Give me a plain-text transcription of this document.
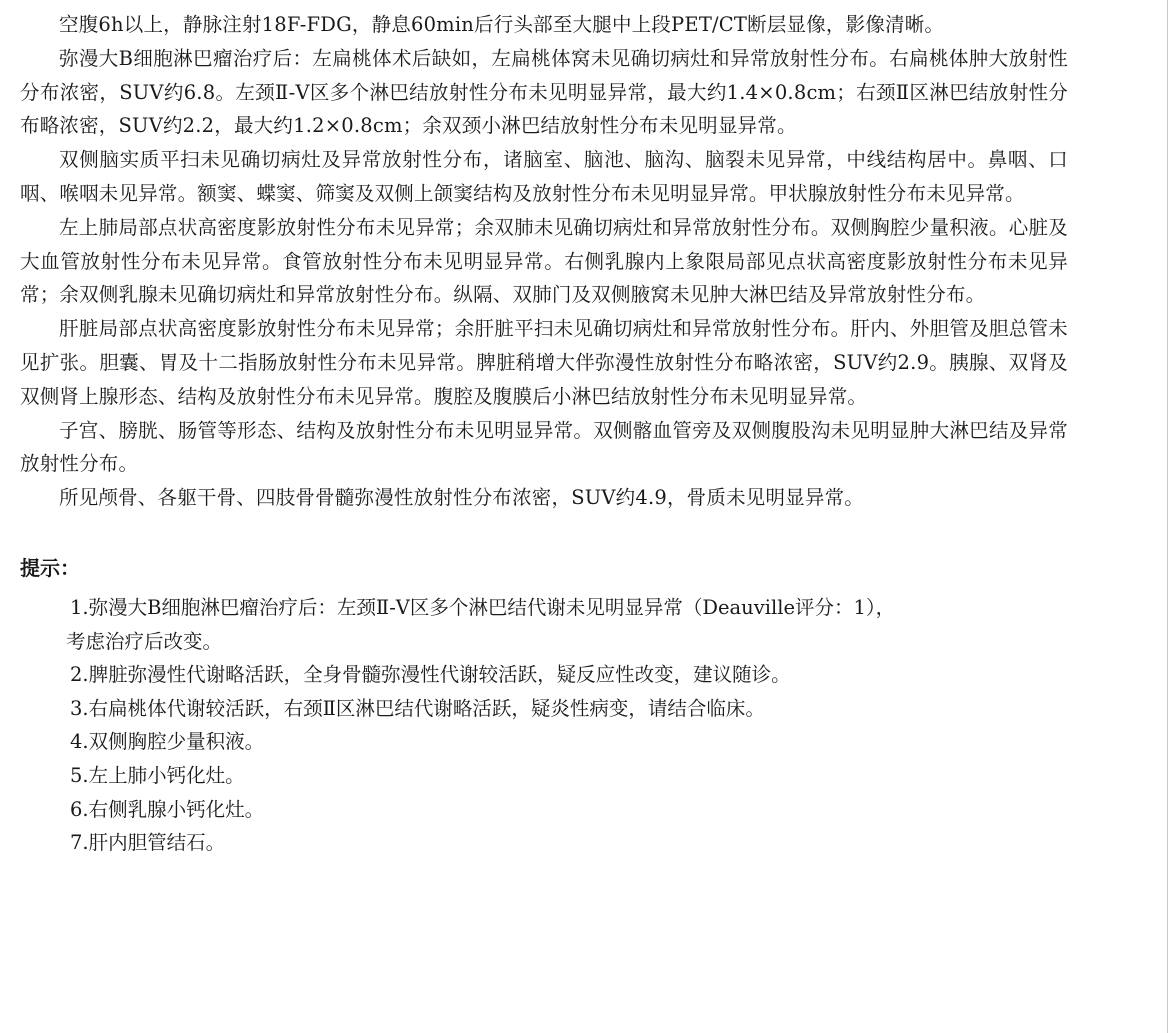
空腹6h以上，静脉注射18F-FDG，静息60min后行头部至大腿中上段PET/CT断层显像，影像清晰。

弥漫大B细胞淋巴瘤治疗后：左扁桃体术后缺如，左扁桃体窝未见确切病灶和异常放射性分布。右扁桃体肿大放射性分布浓密，SUV约6.8。左颈Ⅱ-Ⅴ区多个淋巴结放射性分布未见明显异常，最大约1.4×0.8cm；右颈Ⅱ区淋巴结放射性分布略浓密，SUV约2.2，最大约1.2×0.8cm；余双颈小淋巴结放射性分布未见明显异常。

双侧脑实质平扫未见确切病灶及异常放射性分布，诸脑室、脑池、脑沟、脑裂未见异常，中线结构居中。鼻咽、口咽、喉咽未见异常。额窦、蝶窦、筛窦及双侧上颌窦结构及放射性分布未见明显异常。甲状腺放射性分布未见异常。

左上肺局部点状高密度影放射性分布未见异常；余双肺未见确切病灶和异常放射性分布。双侧胸腔少量积液。心脏及大血管放射性分布未见异常。食管放射性分布未见明显异常。右侧乳腺内上象限局部见点状高密度影放射性分布未见异常；余双侧乳腺未见确切病灶和异常放射性分布。纵隔、双肺门及双侧腋窝未见肿大淋巴结及异常放射性分布。

肝脏局部点状高密度影放射性分布未见异常；余肝脏平扫未见确切病灶和异常放射性分布。肝内、外胆管及胆总管未见扩张。胆囊、胃及十二指肠放射性分布未见异常。脾脏稍增大伴弥漫性放射性分布略浓密，SUV约2.9。胰腺、双肾及双侧肾上腺形态、结构及放射性分布未见异常。腹腔及腹膜后小淋巴结放射性分布未见明显异常。

子宫、膀胱、肠管等形态、结构及放射性分布未见明显异常。双侧髂血管旁及双侧腹股沟未见明显肿大淋巴结及异常放射性分布。

所见颅骨、各躯干骨、四肢骨骨髓弥漫性放射性分布浓密，SUV约4.9，骨质未见明显异常。

提示：
1.弥漫大B细胞淋巴瘤治疗后：左颈Ⅱ-Ⅴ区多个淋巴结代谢未见明显异常（Deauville评分：1），
考虑治疗后改变。
2.脾脏弥漫性代谢略活跃，全身骨髓弥漫性代谢较活跃，疑反应性改变，建议随诊。
3.右扁桃体代谢较活跃，右颈Ⅱ区淋巴结代谢略活跃，疑炎性病变，请结合临床。
4.双侧胸腔少量积液。
5.左上肺小钙化灶。
6.右侧乳腺小钙化灶。
7.肝内胆管结石。
